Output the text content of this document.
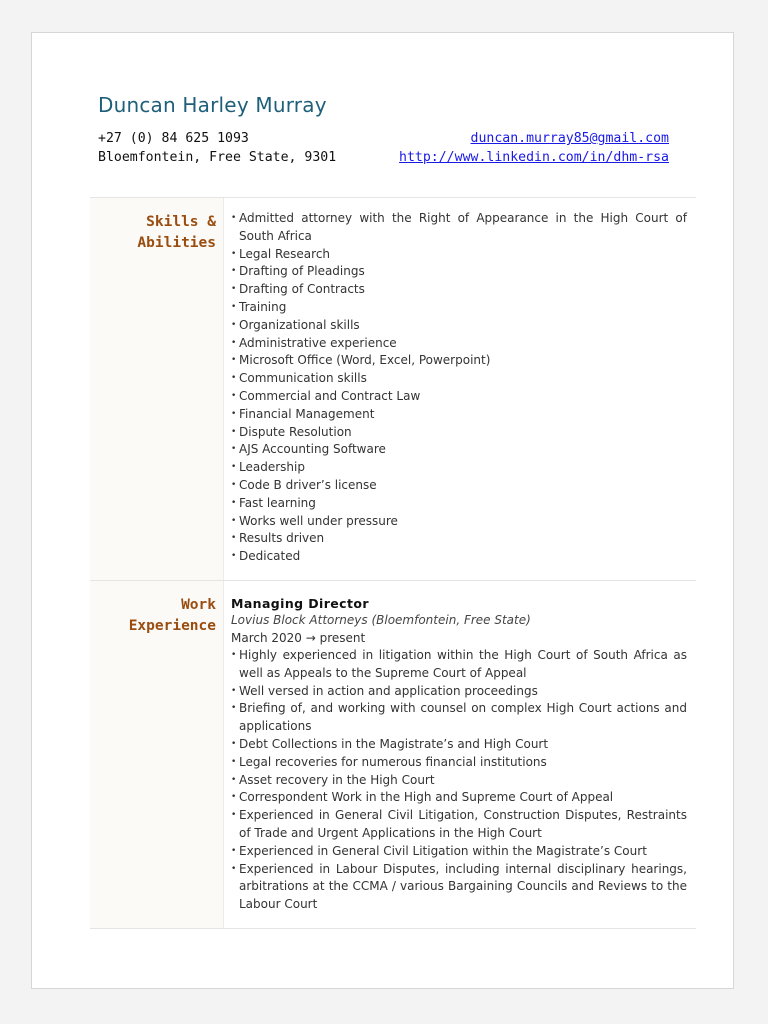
Duncan Harley Murray
+27 (0) 84 625 1093
Bloemfontein, Free State, 9301
duncan.murray85@gmail.com
http://www.linkedin.com/in/dhm-rsa
Skills &
Abilities
• Admitted attorney with the Right of Appearance in the High Court of South Africa
• Legal Research
• Drafting of Pleadings
• Drafting of Contracts
• Training
• Organizational skills
• Administrative experience
• Microsoft Office (Word, Excel, Powerpoint)
• Communication skills
• Commercial and Contract Law
• Financial Management
• Dispute Resolution
• AJS Accounting Software
• Leadership
• Code B driver’s license
• Fast learning
• Works well under pressure
• Results driven
• Dedicated
Work
Experience
Managing Director
Lovius Block Attorneys (Bloemfontein, Free State)
March 2020 → present
• Highly experienced in litigation within the High Court of South Africa as well as Appeals to the Supreme Court of Appeal
• Well versed in action and application proceedings
• Briefing of, and working with counsel on complex High Court actions and applications
• Debt Collections in the Magistrate’s and High Court
• Legal recoveries for numerous financial institutions
• Asset recovery in the High Court
• Correspondent Work in the High and Supreme Court of Appeal
• Experienced in General Civil Litigation, Construction Disputes, Restraints of Trade and Urgent Applications in the High Court
• Experienced in General Civil Litigation within the Magistrate’s Court
• Experienced in Labour Disputes, including internal disciplinary hearings, arbitrations at the CCMA / various Bargaining Councils and Reviews to the Labour Court
